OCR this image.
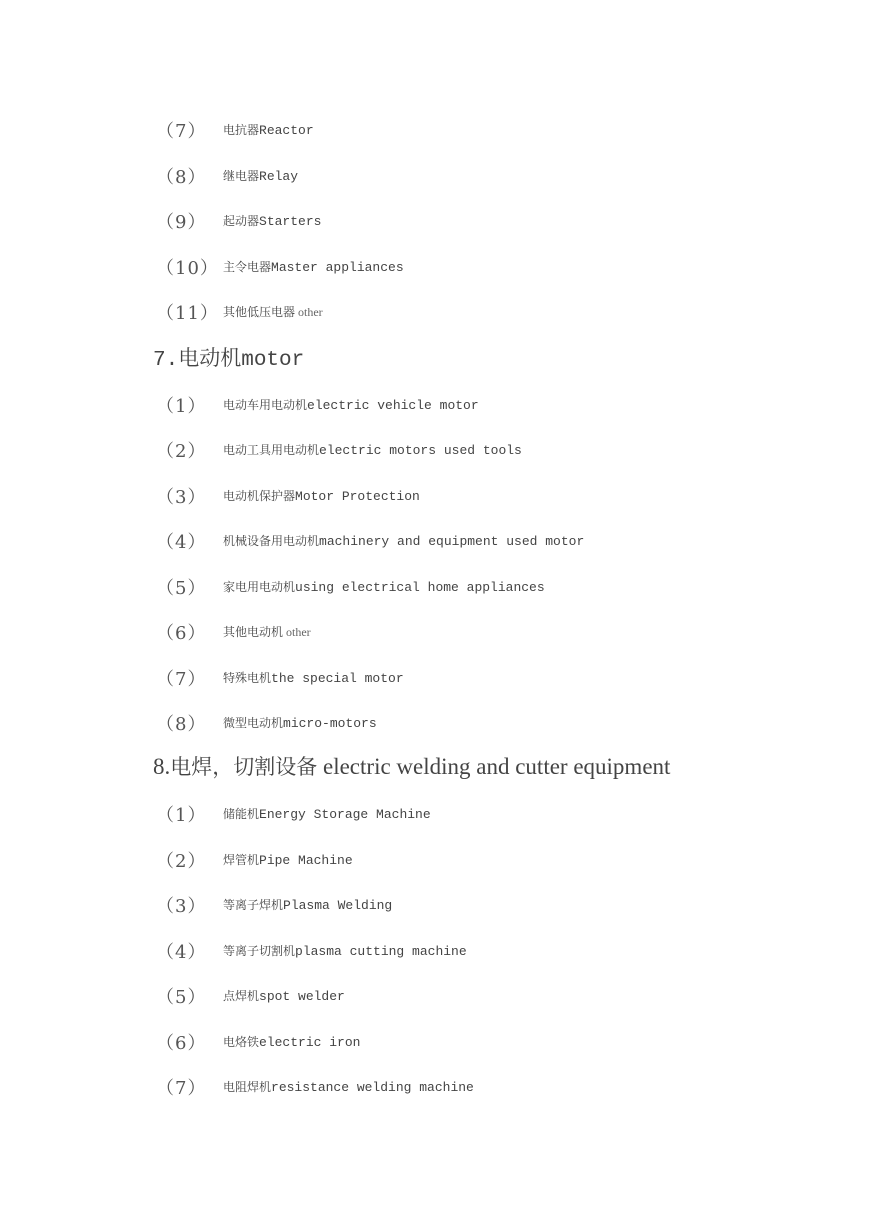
（7） 电抗器Reactor
（8） 继电器Relay
（9） 起动器Starters
（10） 主令电器Master appliances
（11） 其他低压电器 other
7.电动机motor
（1） 电动车用电动机electric vehicle motor
（2） 电动工具用电动机electric motors used tools
（3） 电动机保护器Motor Protection
（4） 机械设备用电动机machinery and equipment used motor
（5） 家电用电动机using electrical home appliances
（6） 其他电动机 other
（7） 特殊电机the special motor
（8） 微型电动机micro-motors
8.电焊，切割设备 electric welding and cutter equipment
（1） 储能机Energy Storage Machine
（2） 焊管机Pipe Machine
（3） 等离子焊机Plasma Welding
（4） 等离子切割机plasma cutting machine
（5） 点焊机spot welder
（6） 电烙铁electric iron
（7） 电阻焊机resistance welding machine
